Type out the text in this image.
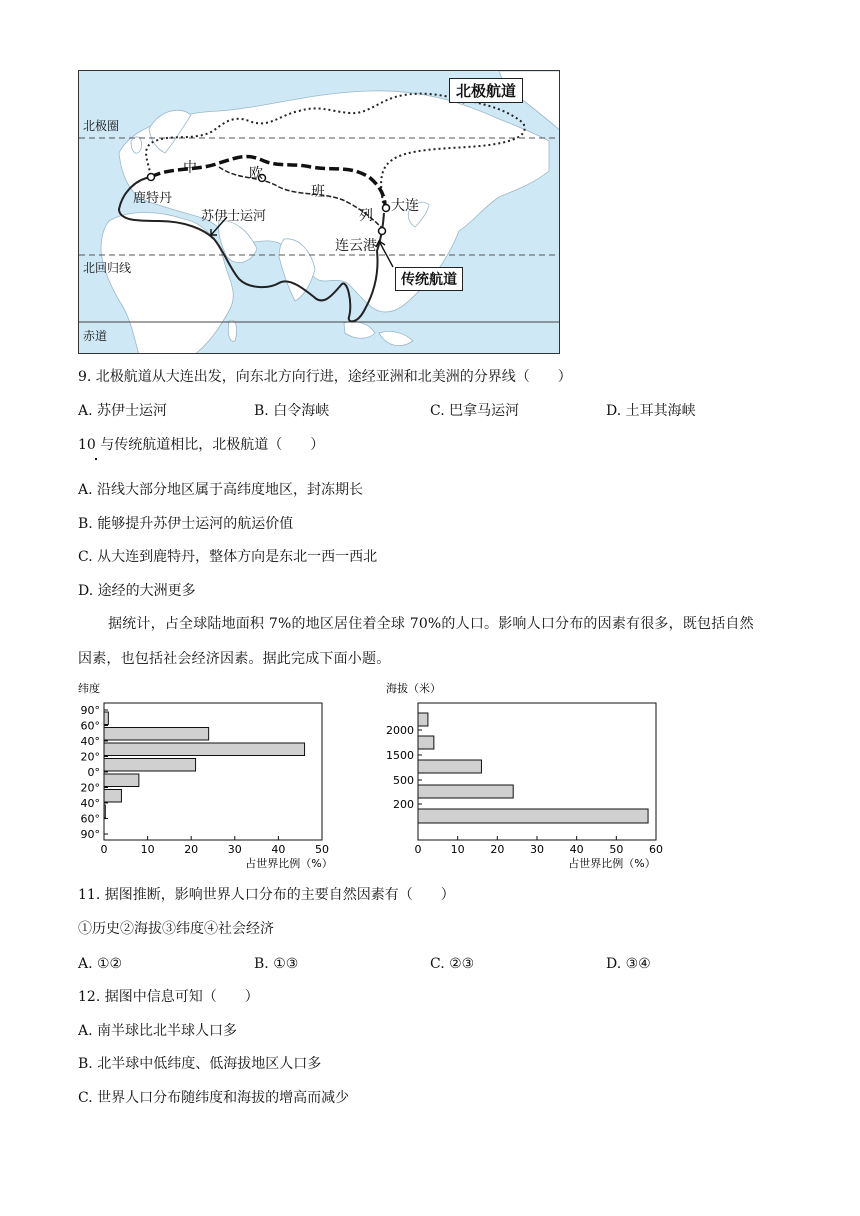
北极航道
北极圈
北回归线
赤道
鹿特丹
苏伊士运河
传统航道
大连
连云港
中	欧
班
列
9. 北极航道从大连出发，向东北方向行进，途经亚洲和北美洲的分界线（　　）
A. 苏伊士运河	B. 白令海峡	C. 巴拿马运河	D. 土耳其海峡
10 与传统航道相比，北极航道（　　）
A. 沿线大部分地区属于高纬度地区，封冻期长
B. 能够提升苏伊士运河的航运价值
C. 从大连到鹿特丹，整体方向是东北一西一西北
D. 途经的大洲更多
据统计，占全球陆地面积 7%的地区居住着全球 70%的人口。影响人口分布的因素有很多，既包括自然
因素，也包括社会经济因素。据此完成下面小题。
纬度
0	10	20	30	40	50
占世界比例（%）
90°
60°
40°
20°
0°
20°
40°
60°
90°
海拔（米）
0	10 20 30 40 50 60
占世界比例（%）
2000
1500
500
200
11. 据图推断，影响世界人口分布的主要自然因素有（　　）
①历史②海拔③纬度④社会经济
A. ①②	B. ①③	C. ②③	D. ③④
12. 据图中信息可知（　　）
A. 南半球比北半球人口多
B. 北半球中低纬度、低海拔地区人口多
C. 世界人口分布随纬度和海拔的增高而减少
